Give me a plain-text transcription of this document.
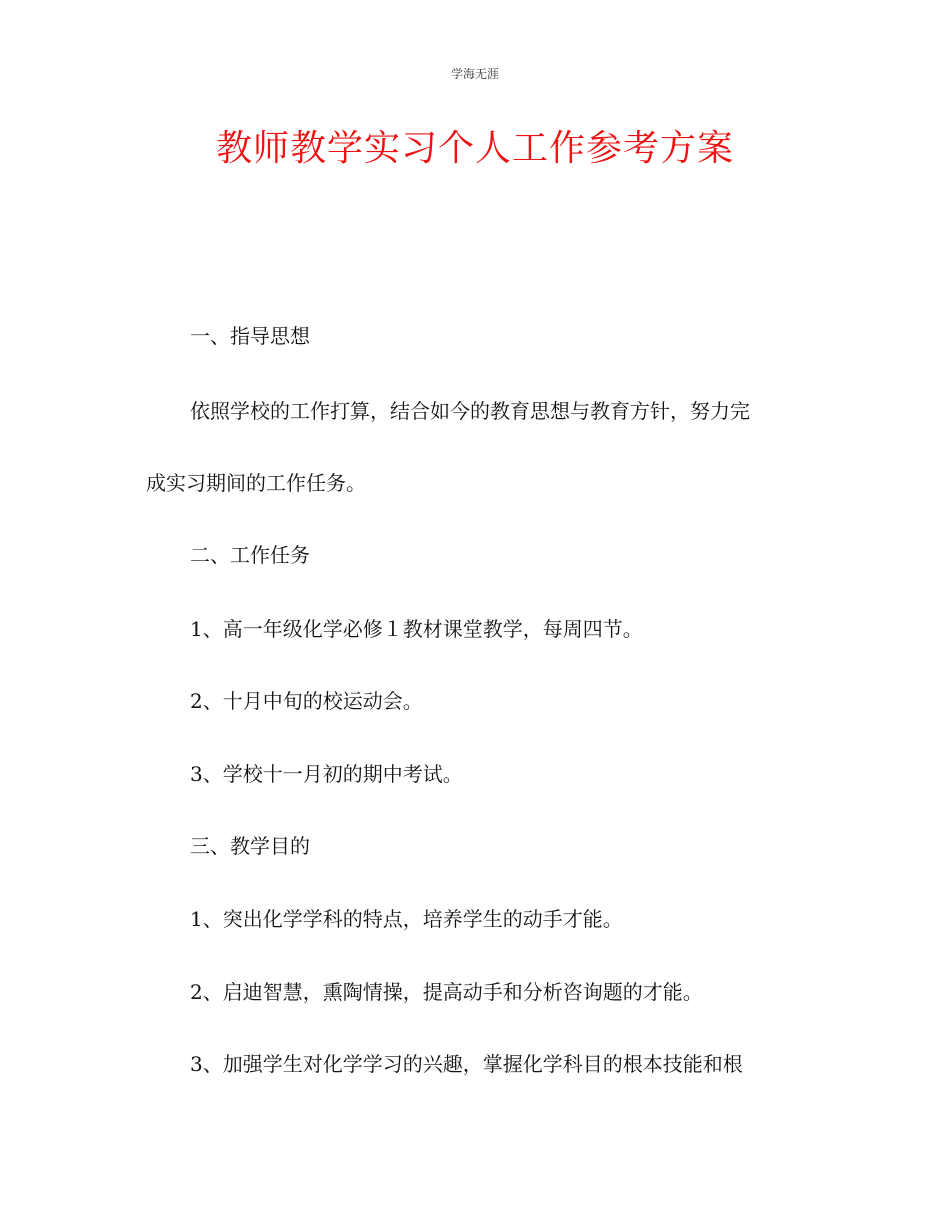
学海无涯
教师教学实习个人工作参考方案
一、指导思想
依照学校的工作打算，结合如今的教育思想与教育方针，努力完
成实习期间的工作任务。
二、工作任务
1、高一年级化学必修１教材课堂教学，每周四节。
2、十月中旬的校运动会。
3、学校十一月初的期中考试。
三、教学目的
1、突出化学学科的特点，培养学生的动手才能。
2、启迪智慧，熏陶情操，提高动手和分析咨询题的才能。
3、加强学生对化学学习的兴趣，掌握化学科目的根本技能和根
